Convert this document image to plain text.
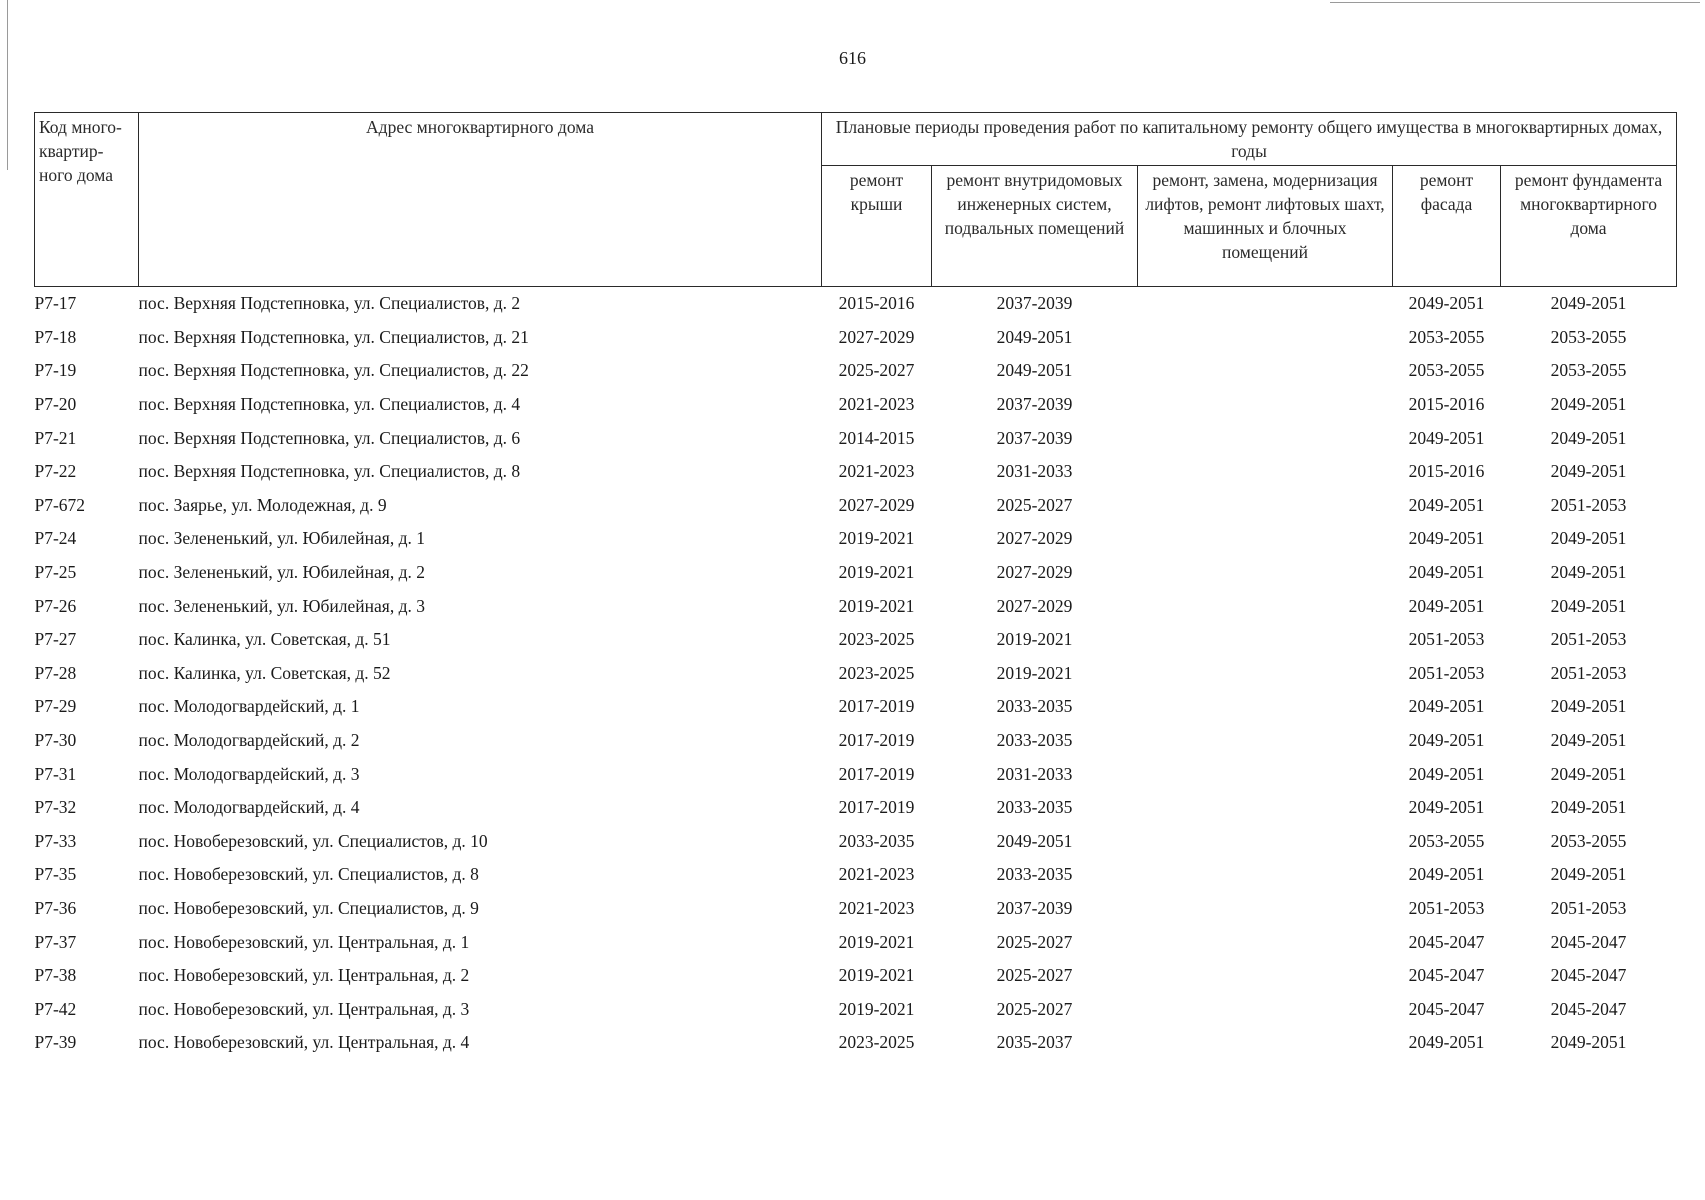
616
Код много-квартир-ного дома	Адрес многоквартирного дома	Плановые периоды проведения работ по капитальному ремонту общего имущества в многоквартирных домах, годы				
		ремонт крыши	ремонт внутридомовых инженерных систем, подвальных помещений	ремонт, замена, модернизация лифтов, ремонт лифтовых шахт, машинных и блочных помещений	ремонт фасада	ремонт фундамента многоквартирного дома
Р7-17	пос. Верхняя Подстепновка, ул. Специалистов, д. 2	2015-2016	2037-2039		2049-2051	2049-2051
Р7-18	пос. Верхняя Подстепновка, ул. Специалистов, д. 21	2027-2029	2049-2051		2053-2055	2053-2055
Р7-19	пос. Верхняя Подстепновка, ул. Специалистов, д. 22	2025-2027	2049-2051		2053-2055	2053-2055
Р7-20	пос. Верхняя Подстепновка, ул. Специалистов, д. 4	2021-2023	2037-2039		2015-2016	2049-2051
Р7-21	пос. Верхняя Подстепновка, ул. Специалистов, д. 6	2014-2015	2037-2039		2049-2051	2049-2051
Р7-22	пос. Верхняя Подстепновка, ул. Специалистов, д. 8	2021-2023	2031-2033		2015-2016	2049-2051
Р7-672	пос. Заярье, ул. Молодежная, д. 9	2027-2029	2025-2027		2049-2051	2051-2053
Р7-24	пос. Зелененький, ул. Юбилейная, д. 1	2019-2021	2027-2029		2049-2051	2049-2051
Р7-25	пос. Зелененький, ул. Юбилейная, д. 2	2019-2021	2027-2029		2049-2051	2049-2051
Р7-26	пос. Зелененький, ул. Юбилейная, д. 3	2019-2021	2027-2029		2049-2051	2049-2051
Р7-27	пос. Калинка, ул. Советская, д. 51	2023-2025	2019-2021		2051-2053	2051-2053
Р7-28	пос. Калинка, ул. Советская, д. 52	2023-2025	2019-2021		2051-2053	2051-2053
Р7-29	пос. Молодогвардейский, д. 1	2017-2019	2033-2035		2049-2051	2049-2051
Р7-30	пос. Молодогвардейский, д. 2	2017-2019	2033-2035		2049-2051	2049-2051
Р7-31	пос. Молодогвардейский, д. 3	2017-2019	2031-2033		2049-2051	2049-2051
Р7-32	пос. Молодогвардейский, д. 4	2017-2019	2033-2035		2049-2051	2049-2051
Р7-33	пос. Новоберезовский, ул. Специалистов, д. 10	2033-2035	2049-2051		2053-2055	2053-2055
Р7-35	пос. Новоберезовский, ул. Специалистов, д. 8	2021-2023	2033-2035		2049-2051	2049-2051
Р7-36	пос. Новоберезовский, ул. Специалистов, д. 9	2021-2023	2037-2039		2051-2053	2051-2053
Р7-37	пос. Новоберезовский, ул. Центральная, д. 1	2019-2021	2025-2027		2045-2047	2045-2047
Р7-38	пос. Новоберезовский, ул. Центральная, д. 2	2019-2021	2025-2027		2045-2047	2045-2047
Р7-42	пос. Новоберезовский, ул. Центральная, д. 3	2019-2021	2025-2027		2045-2047	2045-2047
Р7-39	пос. Новоберезовский, ул. Центральная, д. 4	2023-2025	2035-2037		2049-2051	2049-2051
